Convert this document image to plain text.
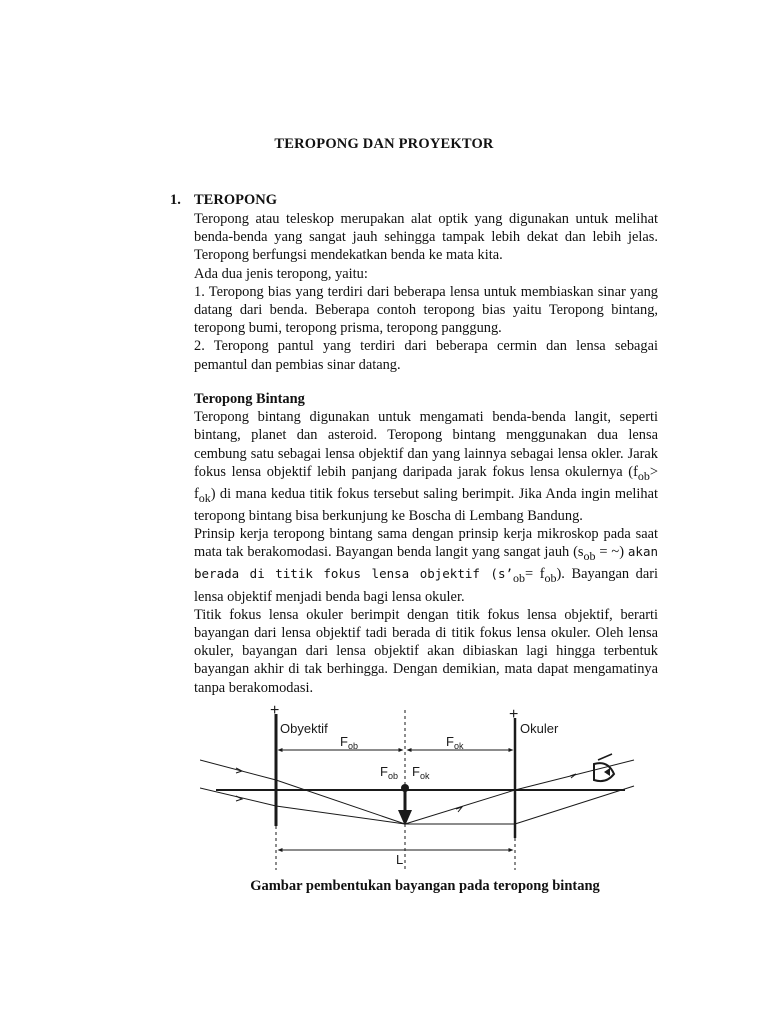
TEROPONG DAN PROYEKTOR
1. TEROPONG

Teropong atau teleskop merupakan alat optik yang digunakan untuk melihat benda-benda yang sangat jauh sehingga tampak lebih dekat dan lebih jelas. Teropong berfungsi mendekatkan benda ke mata kita.

Ada dua jenis teropong, yaitu:

1. Teropong bias yang terdiri dari beberapa lensa untuk membiaskan sinar yang datang dari benda. Beberapa contoh teropong bias yaitu Teropong bintang, teropong bumi, teropong prisma, teropong panggung.

2. Teropong pantul yang terdiri dari beberapa cermin dan lensa sebagai pemantul dan pembias sinar datang.

Teropong Bintang

Teropong bintang digunakan untuk mengamati benda-benda langit, seperti bintang, planet dan asteroid. Teropong bintang menggunakan dua lensa cembung satu sebagai lensa objektif dan yang lainnya sebagai lensa okler. Jarak fokus lensa objektif lebih panjang daripada jarak fokus lensa okulernya $(f_{ob}> f_{ok})$ di mana kedua titik fokus tersebut saling berimpit. Jika Anda ingin melihat teropong bintang bisa berkunjung ke Boscha di Lembang Bandung.

Prinsip kerja teropong bintang sama dengan prinsip kerja mikroskop pada saat mata tak berakomodasi. Bayangan benda langit yang sangat jauh ($s_{ob}$ = ~) akan berada di titik fokus lensa objektif $(s’_{ob}= f_{ob})$. Bayangan dari lensa objektif menjadi benda bagi lensa okuler.

Titik fokus lensa okuler berimpit dengan titik fokus lensa objektif, berarti bayangan dari lensa objektif tadi berada di titik fokus lensa okuler. Oleh lensa okuler, bayangan dari lensa objektif akan dibiaskan lagi hingga terbentuk bayangan akhir di tak berhingga. Dengan demikian, mata dapat mengamatinya tanpa berakomodasi.

+	+
Obyektif	Okuler
$F_{ob}$	$F_{ok}$
$F_{ob}$ $F_{ok}$
L
Gambar pembentukan bayangan pada teropong bintang
